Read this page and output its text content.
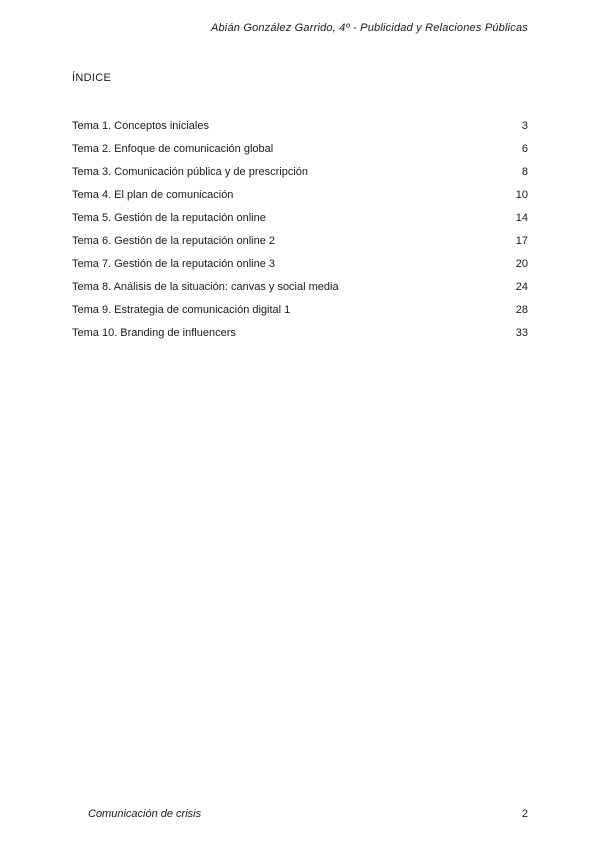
Abián González Garrido, 4º - Publicidad y Relaciones Públicas
ÍNDICE
Tema 1. Conceptos iniciales	3
Tema 2. Enfoque de comunicación global	6
Tema 3. Comunicación pública y de prescripción	8
Tema 4. El plan de comunicación	10
Tema 5. Gestión de la reputación online	14
Tema 6. Gestión de la reputación online 2	17
Tema 7. Gestión de la reputación online 3	20
Tema 8. Análisis de la situación: canvas y social media	24
Tema 9. Estrategia de comunicación digital 1	28
Tema 10. Branding de influencers	33
Comunicación de crisis	2
